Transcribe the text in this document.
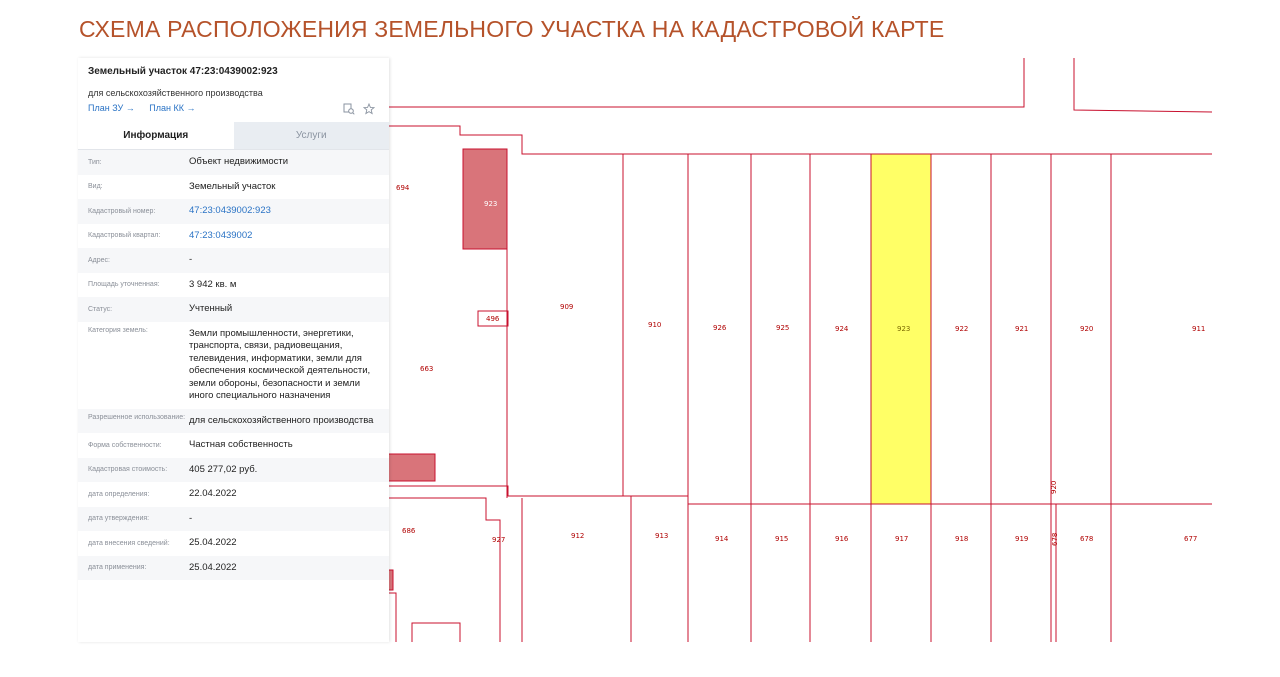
СХЕМА РАСПОЛОЖЕНИЯ ЗЕМЕЛЬНОГО УЧАСТКА НА КАДАСТРОВОЙ КАРТЕ
694
923
909
496
910	926	925	924	923	922	921	920	911
663
920
686
927	912	913	914	915	916	917	918	919	678	678	677
Земельный участок 47:23:0439002:923
для сельскохозяйственного производства
План ЗУ → План КК →
Информация	Услуги
Тип:	Объект недвижимости
Вид:	Земельный участок
Кадастровый номер:	47:23:0439002:923
Кадастровый квартал:	47:23:0439002
Адрес:	-
Площадь уточненная:	3 942 кв. м
Статус:	Учтенный
Категория земель:	Земли промышленности, энергетики, транспорта, связи, радиовещания, телевидения, информатики, земли для обеспечения космической деятельности, земли обороны, безопасности и земли иного специального назначения
Разрешенное использование: для сельскохозяйственного производства
Форма собственности:	Частная собственность
Кадастровая стоимость:	405 277,02 руб.
дата определения:	22.04.2022
дата утверждения:	-
дата внесения сведений:	25.04.2022
дата применения:	25.04.2022
